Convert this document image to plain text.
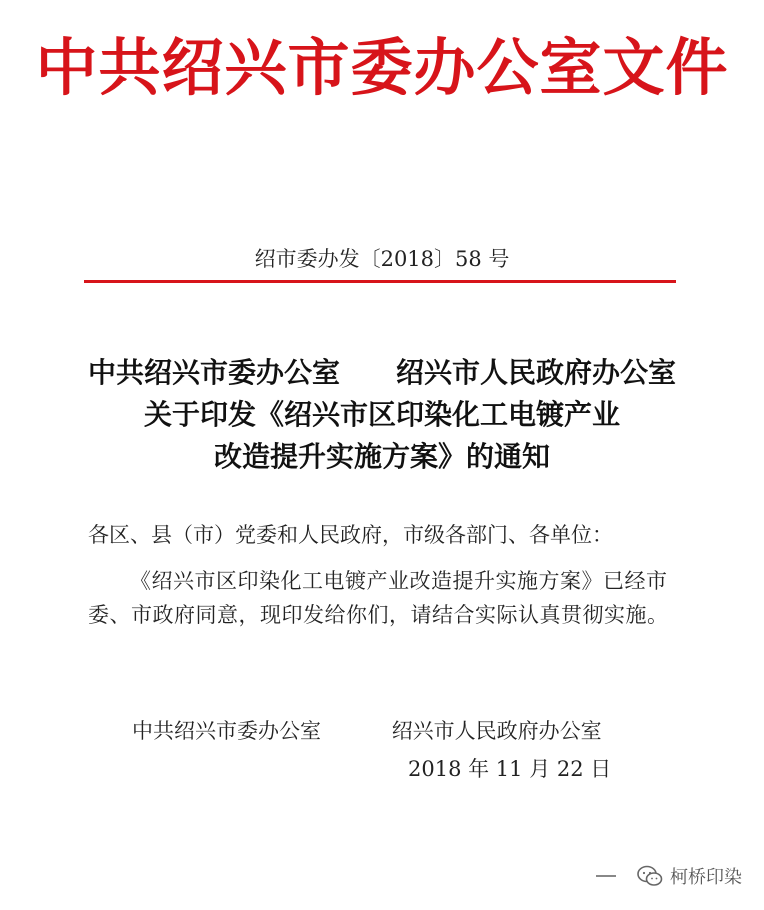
中共绍兴市委办公室文件
绍市委办发〔2018〕58 号
中共绍兴市委办公室　　绍兴市人民政府办公室
关于印发《绍兴市区印染化工电镀产业
改造提升实施方案》的通知
各区、县（市）党委和人民政府，市级各部门、各单位：
《绍兴市区印染化工电镀产业改造提升实施方案》已经市委、市政府同意，现印发给你们，请结合实际认真贯彻实施。
中共绍兴市委办公室	绍兴市人民政府办公室
2018 年 11 月 22 日
柯桥印染
